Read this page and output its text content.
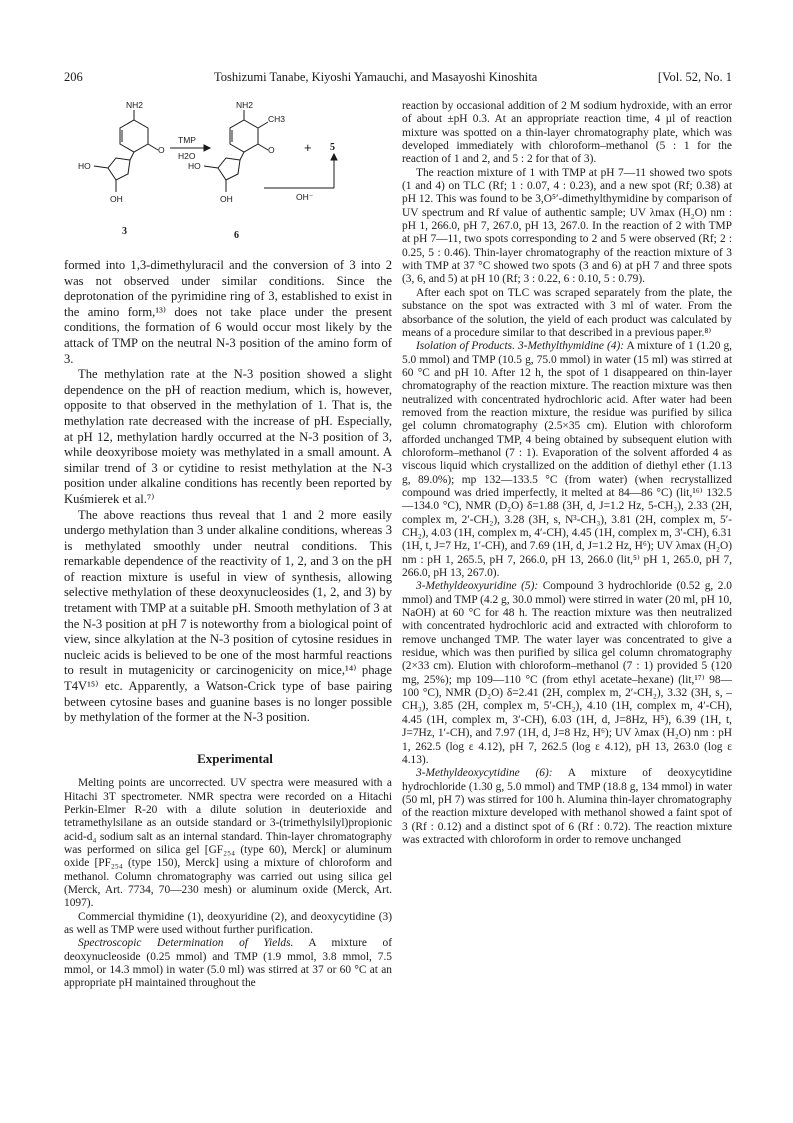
206	Toshizumi Tanabe, Kiyoshi Yamauchi, and Masayoshi Kinoshita	[Vol. 52, No. 1
NH2	NH2
CH3
HO	HO
OH	OH
O	O
TMP
H2O
+ 5
OH⁻
3	6

formed into 1,3-dimethyluracil and the conversion of 3 into 2 was not observed under similar conditions. Since the deprotonation of the pyrimidine ring of 3, established to exist in the amino form,¹³⁾ does not take place under the present conditions, the formation of 6 would occur most likely by the attack of TMP on the neutral N-3 position of the amino form of 3.

The methylation rate at the N-3 position showed a slight dependence on the pH of reaction medium, which is, however, opposite to that observed in the methylation of 1. That is, the methylation rate decreased with the increase of pH. Especially, at pH 12, methylation hardly occurred at the N-3 position of 3, while deoxyribose moiety was methylated in a small amount. A similar trend of 3 or cytidine to resist methylation at the N-3 position under alkaline conditions has recently been reported by Kuśmierek et al.⁷⁾

The above reactions thus reveal that 1 and 2 more easily undergo methylation than 3 under alkaline conditions, whereas 3 is methylated smoothly under neutral conditions. This remarkable dependence of the reactivity of 1, 2, and 3 on the pH of reaction mixture is useful in view of synthesis, allowing selective methylation of these deoxynucleosides (1, 2, and 3) by tretament with TMP at a suitable pH. Smooth methylation of 3 at the N-3 position at pH 7 is noteworthy from a biological point of view, since alkylation at the N-3 position of cytosine residues in nucleic acids is believed to be one of the most harmful reactions to result in mutagenicity or carcinogenicity on mice,¹⁴⁾ phage T4V¹⁵⁾ etc. Apparently, a Watson-Crick type of base pairing between cytosine bases and guanine bases is no longer possible by methylation of the former at the N-3 position.

Experimental

Melting points are uncorrected. UV spectra were measured with a Hitachi 3T spectrometer. NMR spectra were recorded on a Hitachi Perkin-Elmer R-20 with a dilute solution in deuterioxide and tetramethylsilane as an outside standard or 3-(trimethylsilyl)propionic acid-d₄ sodium salt as an internal standard. Thin-layer chromatography was performed on silica gel [GF₂₅₄ (type 60), Merck] or aluminum oxide [PF₂₅₄ (type 150), Merck] using a mixture of chloroform and methanol. Column chromatography was carried out using silica gel (Merck, Art. 7734, 70—230 mesh) or aluminum oxide (Merck, Art. 1097).

Commercial thymidine (1), deoxyuridine (2), and deoxycytidine (3) as well as TMP were used without further purification.

Spectroscopic Determination of Yields. A mixture of deoxynucleoside (0.25 mmol) and TMP (1.9 mmol, 3.8 mmol, 7.5 mmol, or 14.3 mmol) in water (5.0 ml) was stirred at 37 or 60 °C at an appropriate pH maintained throughout the

reaction by occasional addition of 2 M sodium hydroxide, with an error of about ±pH 0.3. At an appropriate reaction time, 4 µl of reaction mixture was spotted on a thin-layer chromatography plate, which was developed immediately with chloroform–methanol (5 : 1 for the reaction of 1 and 2, and 5 : 2 for that of 3).

The reaction mixture of 1 with TMP at pH 7—11 showed two spots (1 and 4) on TLC (Rf; 1 : 0.07, 4 : 0.23), and a new spot (Rf; 0.38) at pH 12. This was found to be 3,O⁵′-dimethylthymidine by comparison of UV spectrum and Rf value of authentic sample; UV λmax (H₂O) nm : pH 1, 266.0, pH 7, 267.0, pH 13, 267.0. In the reaction of 2 with TMP at pH 7—11, two spots corresponding to 2 and 5 were observed (Rf; 2 : 0.25, 5 : 0.46). Thin-layer chromatography of the reaction mixture of 3 with TMP at 37 °C showed two spots (3 and 6) at pH 7 and three spots (3, 6, and 5) at pH 10 (Rf; 3 : 0.22, 6 : 0.10, 5 : 0.79).

After each spot on TLC was scraped separately from the plate, the substance on the spot was extracted with 3 ml of water. From the absorbance of the solution, the yield of each product was calculated by means of a procedure similar to that described in a previous paper.⁸⁾

Isolation of Products. 3-Methylthymidine (4): A mixture of 1 (1.20 g, 5.0 mmol) and TMP (10.5 g, 75.0 mmol) in water (15 ml) was stirred at 60 °C and pH 10. After 12 h, the spot of 1 disappeared on thin-layer chromatography of the reaction mixture. The reaction mixture was then neutralized with concentrated hydrochloric acid. After water had been removed from the reaction mixture, the residue was purified by silica gel column chromatography (2.5×35 cm). Elution with chloroform afforded unchanged TMP, 4 being obtained by subsequent elution with chloroform–methanol (7 : 1). Evaporation of the solvent afforded 4 as viscous liquid which crystallized on the addition of diethyl ether (1.13 g, 89.0%); mp 132—133.5 °C (from water) (when recrystallized compound was dried imperfectly, it melted at 84—86 °C) (lit,¹⁶⁾ 132.5—134.0 °C), NMR (D₂O) δ=1.88 (3H, d, J=1.2 Hz, 5-CH₃), 2.33 (2H, complex m, 2′-CH₂), 3.28 (3H, s, N³-CH₃), 3.81 (2H, complex m, 5′-CH₂), 4.03 (1H, complex m, 4′-CH), 4.45 (1H, complex m, 3′-CH), 6.31 (1H, t, J=7 Hz, 1′-CH), and 7.69 (1H, d, J=1.2 Hz, H⁶); UV λmax (H₂O) nm : pH 1, 265.5, pH 7, 266.0, pH 13, 266.0 (lit,⁵⁾ pH 1, 265.0, pH 7, 266.0, pH 13, 267.0).

3-Methyldeoxyuridine (5): Compound 3 hydrochloride (0.52 g, 2.0 mmol) and TMP (4.2 g, 30.0 mmol) were stirred in water (20 ml, pH 10, NaOH) at 60 °C for 48 h. The reaction mixture was then neutralized with concentrated hydrochloric acid and extracted with chloroform to remove unchanged TMP. The water layer was concentrated to give a residue, which was then purified by silica gel column chromatography (2×33 cm). Elution with chloroform–methanol (7 : 1) provided 5 (120 mg, 25%); mp 109—110 °C (from ethyl acetate–hexane) (lit,¹⁷⁾ 98—100 °C), NMR (D₂O) δ=2.41 (2H, complex m, 2′-CH₂), 3.32 (3H, s, –CH₃), 3.85 (2H, complex m, 5′-CH₂), 4.10 (1H, complex m, 4′-CH), 4.45 (1H, complex m, 3′-CH), 6.03 (1H, d, J=8Hz, H⁵), 6.39 (1H, t, J=7Hz, 1′-CH), and 7.97 (1H, d, J=8 Hz, H⁶); UV λmax (H₂O) nm : pH 1, 262.5 (log ε 4.12), pH 7, 262.5 (log ε 4.12), pH 13, 263.0 (log ε 4.13).

3-Methyldeoxycytidine (6): A mixture of deoxycytidine hydrochloride (1.30 g, 5.0 mmol) and TMP (18.8 g, 134 mmol) in water (50 ml, pH 7) was stirred for 100 h. Alumina thin-layer chromatography of the reaction mixture developed with methanol showed a faint spot of 3 (Rf : 0.12) and a distinct spot of 6 (Rf : 0.72). The reaction mixture was extracted with chloroform in order to remove unchanged
